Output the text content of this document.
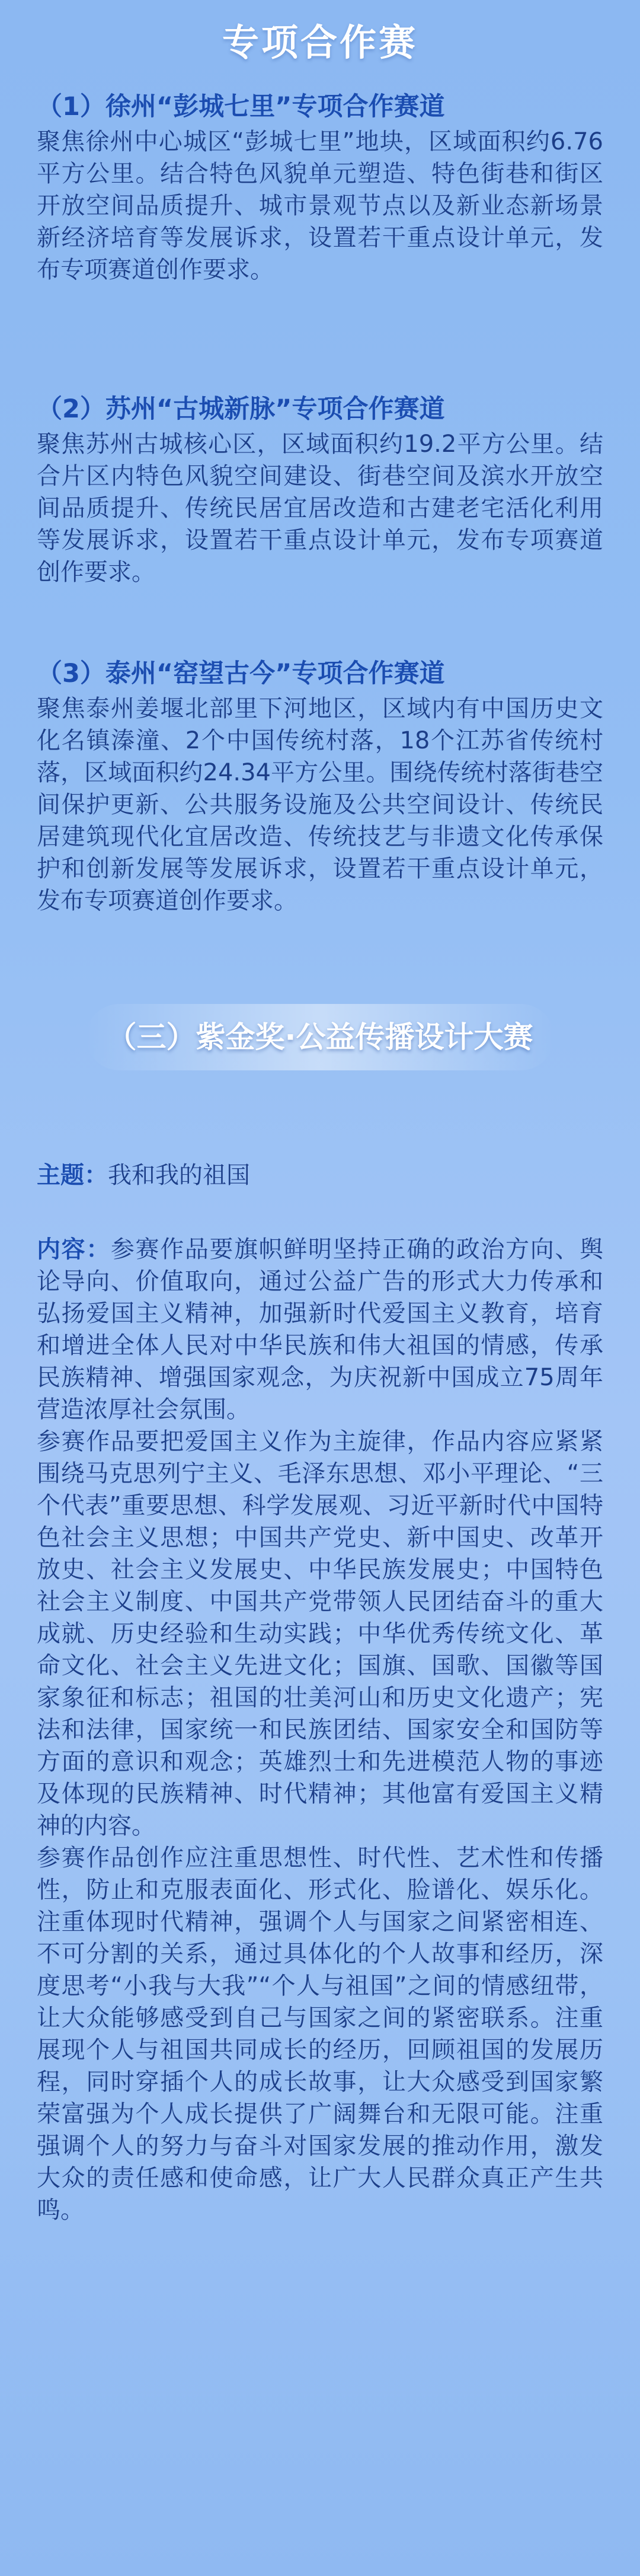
专项合作赛
（1）徐州“彭城七里”专项合作赛道
聚焦徐州中心城区“彭城七里”地块，区域面积约6.76平方公里。结合特色风貌单元塑造、特色街巷和街区开放空间品质提升、城市景观节点以及新业态新场景新经济培育等发展诉求，设置若干重点设计单元，发布专项赛道创作要求。
（2）苏州“古城新脉”专项合作赛道
聚焦苏州古城核心区，区域面积约19.2平方公里。结合片区内特色风貌空间建设、街巷空间及滨水开放空间品质提升、传统民居宜居改造和古建老宅活化利用等发展诉求，设置若干重点设计单元，发布专项赛道创作要求。
（3）泰州“窑望古今”专项合作赛道
聚焦泰州姜堰北部里下河地区，区域内有中国历史文化名镇溱潼、2个中国传统村落，18个江苏省传统村落，区域面积约24.34平方公里。围绕传统村落街巷空间保护更新、公共服务设施及公共空间设计、传统民居建筑现代化宜居改造、传统技艺与非遗文化传承保护和创新发展等发展诉求，设置若干重点设计单元，发布专项赛道创作要求。
（三）紫金奖·公益传播设计大赛
主题：我和我的祖国

内容：参赛作品要旗帜鲜明坚持正确的政治方向、舆论导向、价值取向，通过公益广告的形式大力传承和弘扬爱国主义精神，加强新时代爱国主义教育，培育和增进全体人民对中华民族和伟大祖国的情感，传承民族精神、增强国家观念，为庆祝新中国成立75周年营造浓厚社会氛围。

参赛作品要把爱国主义作为主旋律，作品内容应紧紧围绕马克思列宁主义、毛泽东思想、邓小平理论、“三个代表”重要思想、科学发展观、习近平新时代中国特色社会主义思想；中国共产党史、新中国史、改革开放史、社会主义发展史、中华民族发展史；中国特色社会主义制度、中国共产党带领人民团结奋斗的重大成就、历史经验和生动实践；中华优秀传统文化、革命文化、社会主义先进文化；国旗、国歌、国徽等国家象征和标志；祖国的壮美河山和历史文化遗产；宪法和法律，国家统一和民族团结、国家安全和国防等方面的意识和观念；英雄烈士和先进模范人物的事迹及体现的民族精神、时代精神；其他富有爱国主义精神的内容。

参赛作品创作应注重思想性、时代性、艺术性和传播性，防止和克服表面化、形式化、脸谱化、娱乐化。注重体现时代精神，强调个人与国家之间紧密相连、不可分割的关系，通过具体化的个人故事和经历，深度思考“小我与大我”“个人与祖国”之间的情感纽带，让大众能够感受到自己与国家之间的紧密联系。注重展现个人与祖国共同成长的经历，回顾祖国的发展历程，同时穿插个人的成长故事，让大众感受到国家繁荣富强为个人成长提供了广阔舞台和无限可能。注重强调个人的努力与奋斗对国家发展的推动作用，激发大众的责任感和使命感，让广大人民群众真正产生共鸣。
